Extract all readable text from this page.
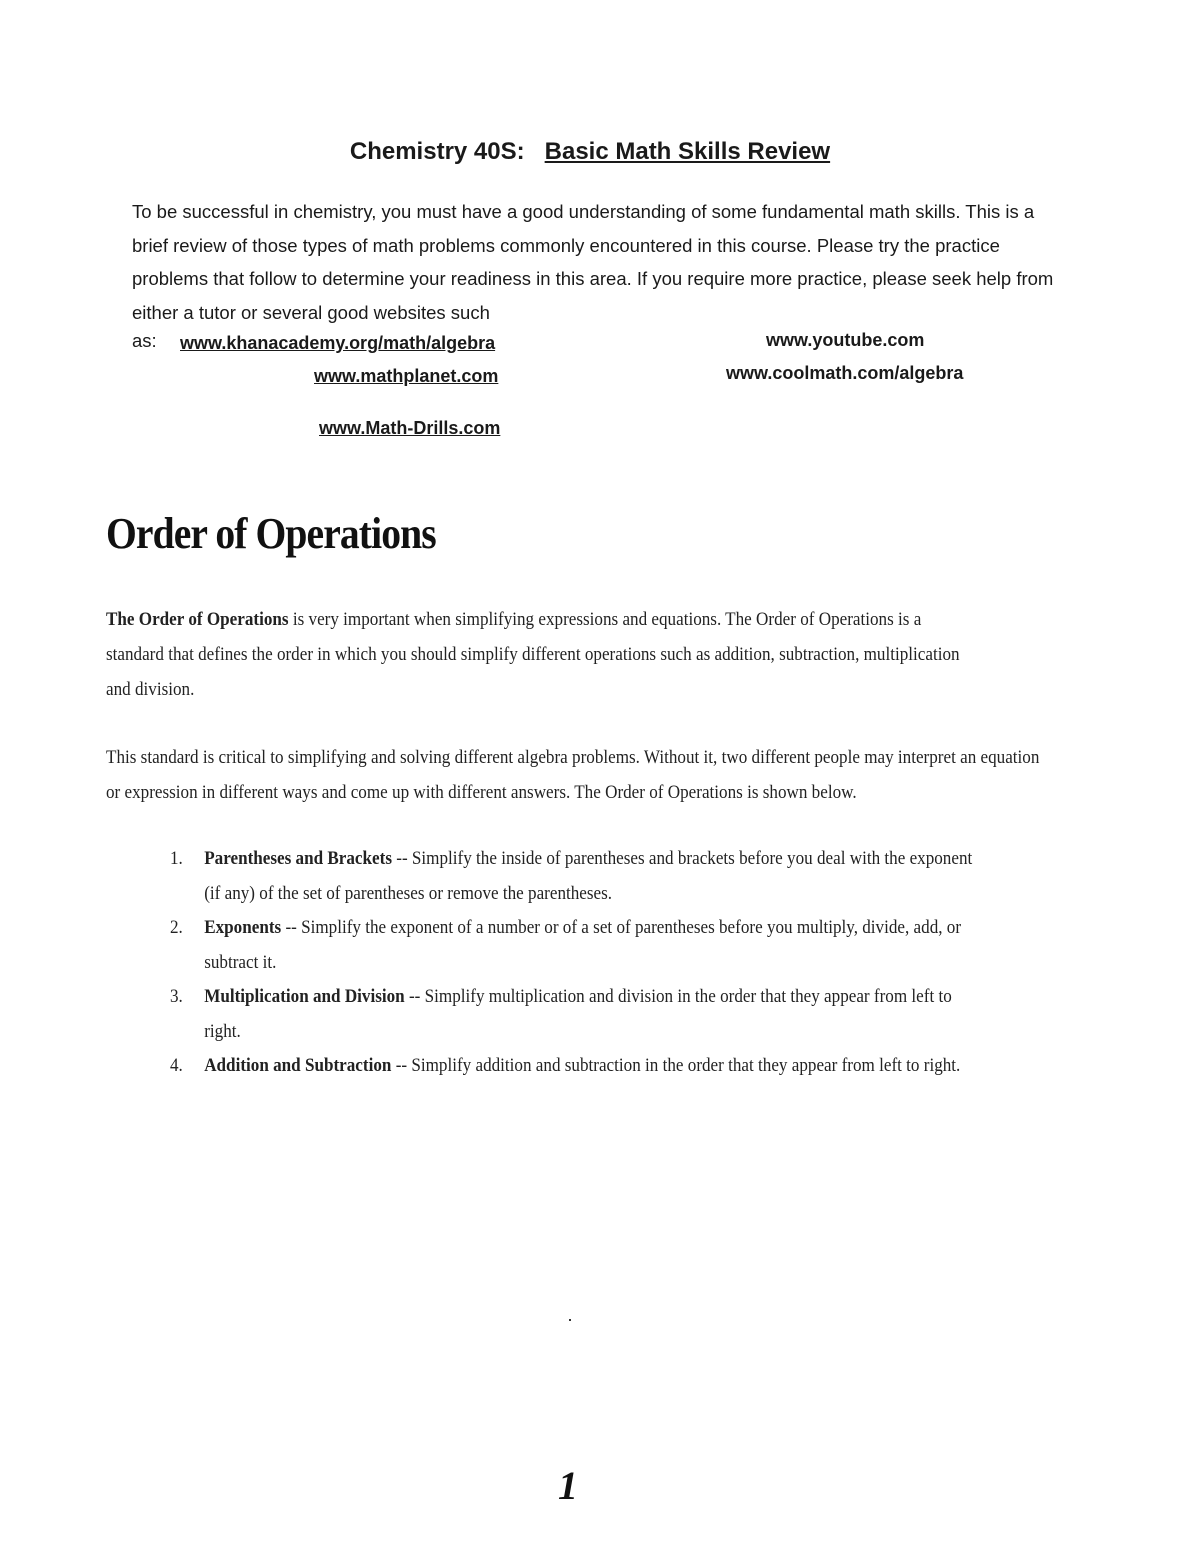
Chemistry 40S: Basic Math Skills Review
To be successful in chemistry, you must have a good understanding of some fundamental math skills. This is a brief review of those types of math problems commonly encountered in this course. Please try the practice problems that follow to determine your readiness in this area. If you require more practice, please seek help from either a tutor or several good websites such
as: www.khanacademy.org/math/algebra	www.youtube.com
www.mathplanet.com	www.coolmath.com/algebra
www.Math-Drills.com
Order of Operations
The Order of Operations is very important when simplifying expressions and equations. The Order of Operations is a standard that defines the order in which you should simplify different operations such as addition, subtraction, multiplication and division.
This standard is critical to simplifying and solving different algebra problems. Without it, two different people may interpret an equation or expression in different ways and come up with different answers. The Order of Operations is shown below.
1. Parentheses and Brackets -- Simplify the inside of parentheses and brackets before you deal with the exponent (if any) of the set of parentheses or remove the parentheses.
2. Exponents -- Simplify the exponent of a number or of a set of parentheses before you multiply, divide, add, or subtract it.
3. Multiplication and Division -- Simplify multiplication and division in the order that they appear from left to right.
4. Addition and Subtraction -- Simplify addition and subtraction in the order that they appear from left to right.
1
